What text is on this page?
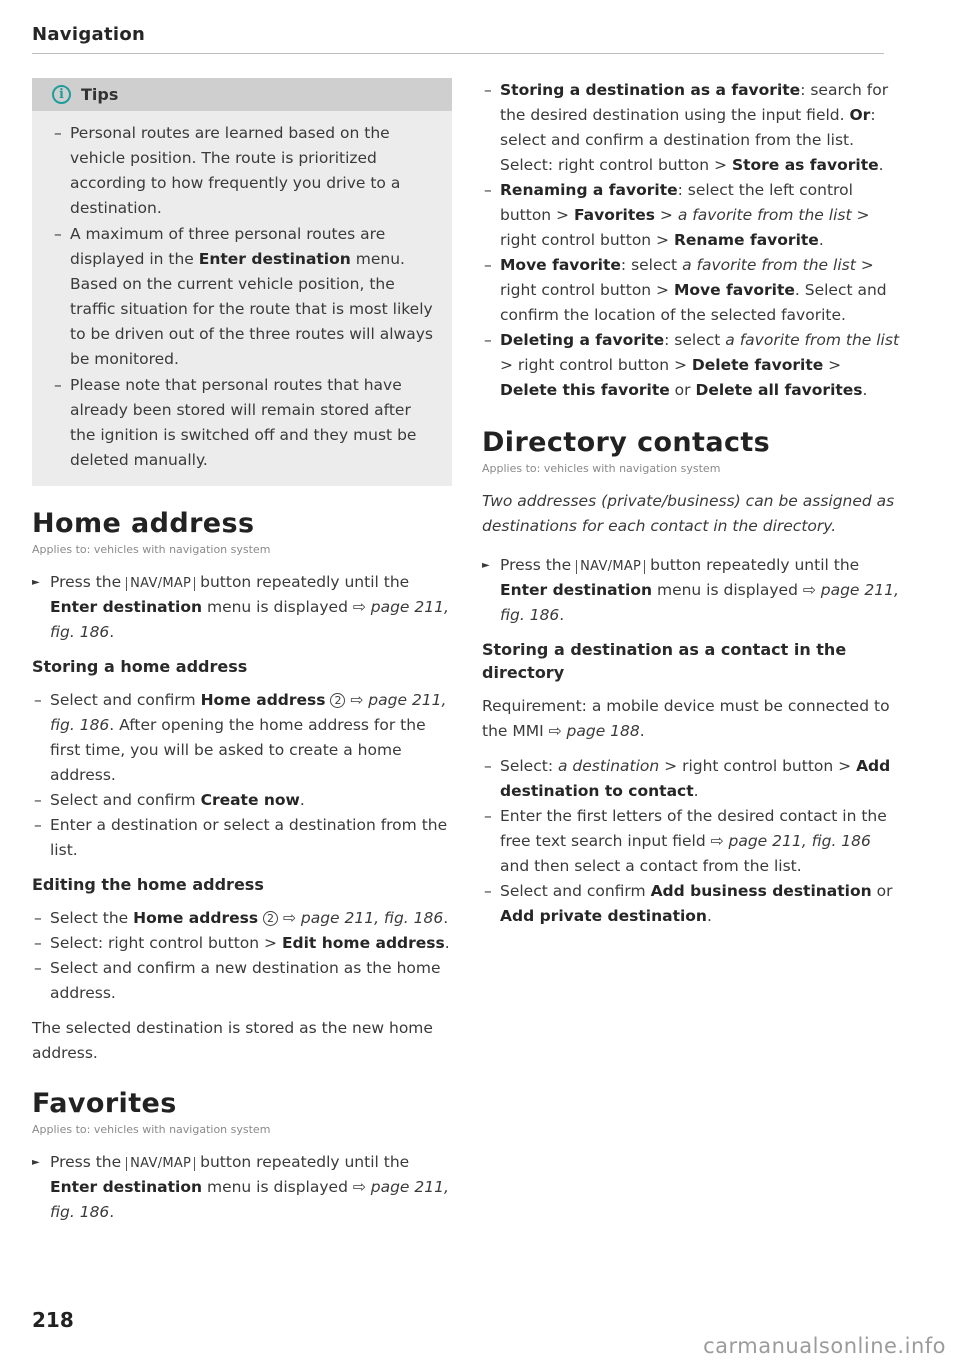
Navigation
i	Tips
– Personal routes are learned based on the vehicle position. The route is prioritized according to how frequently you drive to a destination.
– A maximum of three personal routes are displayed in the Enter destination menu. Based on the current vehicle position, the traffic situation for the route that is most likely to be driven out of the three routes will always be monitored.
– Please note that personal routes that have already been stored will remain stored after the ignition is switched off and they must be deleted manually.
Home address
Applies to: vehicles with navigation system
► Press the NAV/MAP button repeatedly until the Enter destination menu is displayed ⇨ page 211, fig. 186.
Storing a home address
– Select and confirm Home address 2 ⇨ page 211, fig. 186. After opening the home address for the first time, you will be asked to create a home address.
– Select and confirm Create now.
– Enter a destination or select a destination from the list.
Editing the home address
– Select the Home address 2 ⇨ page 211, fig. 186.
– Select: right control button > Edit home address.
– Select and confirm a new destination as the home address.

The selected destination is stored as the new home address.

Favorites
Applies to: vehicles with navigation system
► Press the NAV/MAP button repeatedly until the Enter destination menu is displayed ⇨ page 211, fig. 186.
– Storing a destination as a favorite: search for the desired destination using the input field. Or: select and confirm a destination from the list. Select: right control button > Store as favorite.
– Renaming a favorite: select the left control button > Favorites > a favorite from the list > right control button > Rename favorite.
– Move favorite: select a favorite from the list > right control button > Move favorite. Select and confirm the location of the selected favorite.
– Deleting a favorite: select a favorite from the list > right control button > Delete favorite > Delete this favorite or Delete all favorites.
Directory contacts
Applies to: vehicles with navigation system

Two addresses (private/business) can be assigned as destinations for each contact in the directory.

► Press the NAV/MAP button repeatedly until the Enter destination menu is displayed ⇨ page 211, fig. 186.
Storing a destination as a contact in the directory

Requirement: a mobile device must be connected to the MMI ⇨ page 188.

– Select: a destination > right control button > Add destination to contact.
– Enter the first letters of the desired contact in the free text search input field ⇨ page 211, fig. 186 and then select a contact from the list.
– Select and confirm Add business destination or Add private destination.
218
carmanualsonline.info
